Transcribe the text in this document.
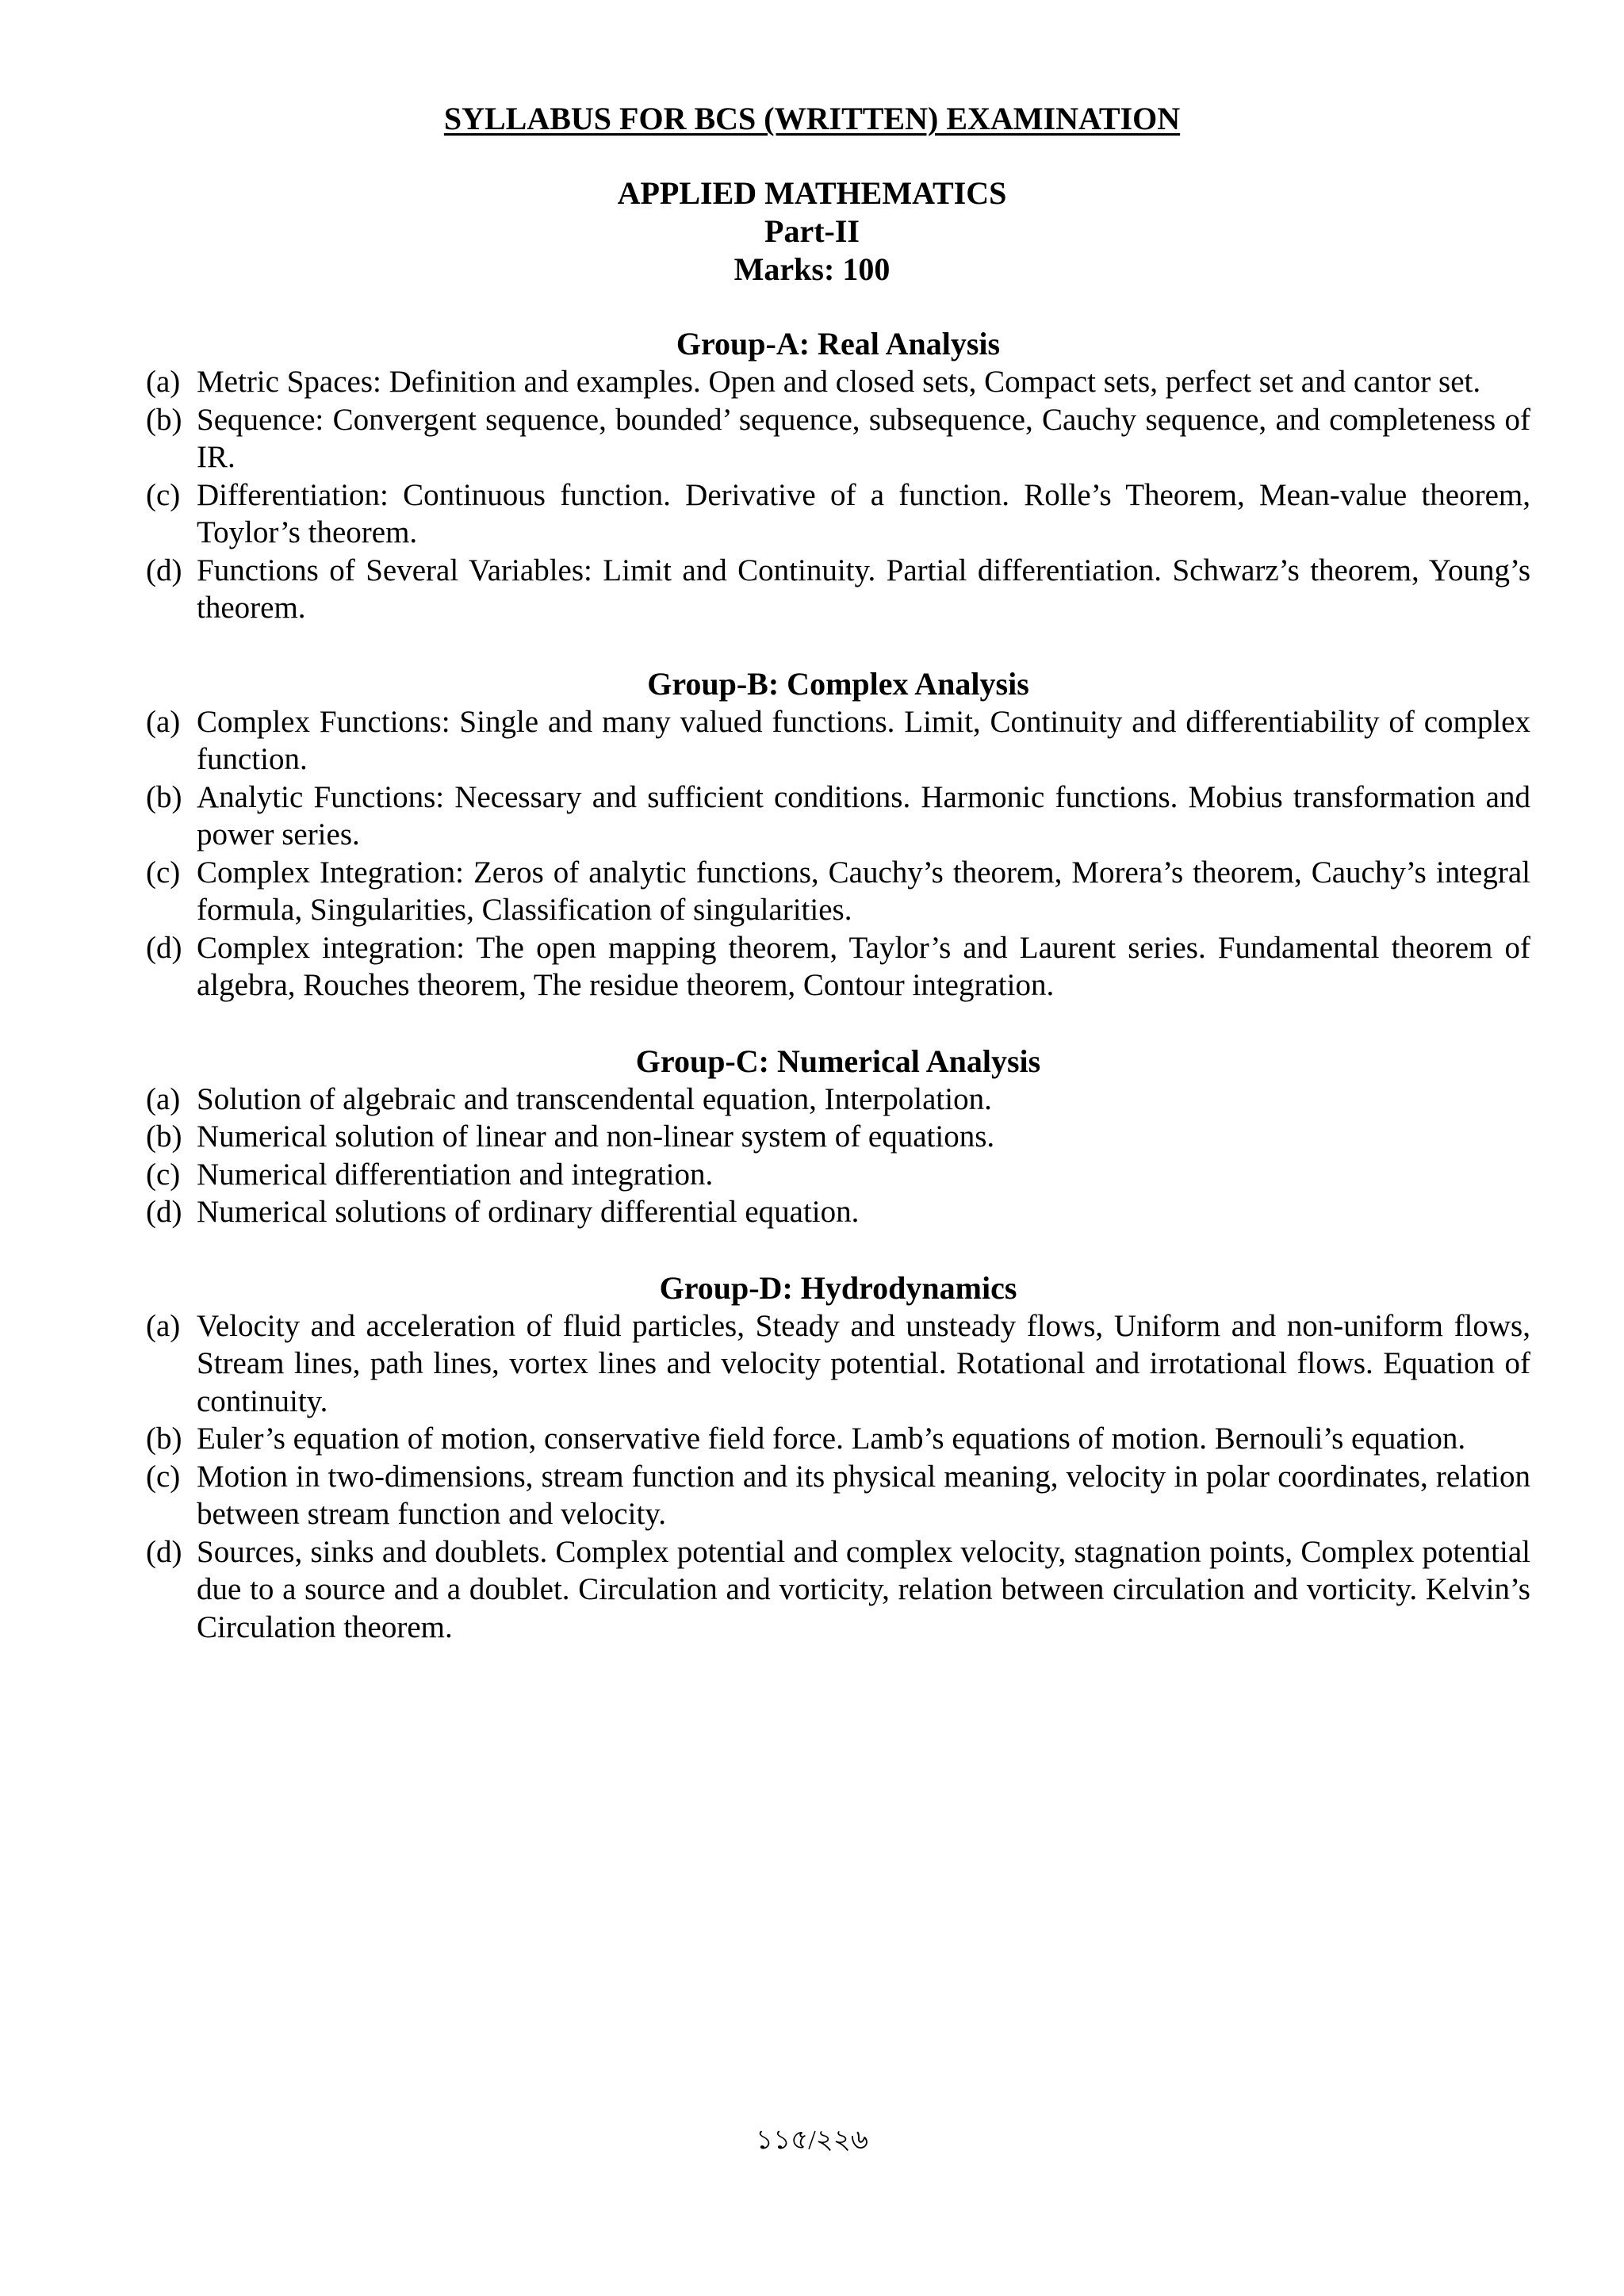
SYLLABUS FOR BCS (WRITTEN) EXAMINATION
APPLIED MATHEMATICS
Part-II
Marks: 100
Group-A: Real Analysis
(a) Metric Spaces: Definition and examples. Open and closed sets, Compact sets, perfect set and cantor set.
(b) Sequence: Convergent sequence, bounded’ sequence, subsequence, Cauchy sequence, and completeness of IR.
(c) Differentiation: Continuous function. Derivative of a function. Rolle’s Theorem, Mean-value theorem, Toylor’s theorem.
(d) Functions of Several Variables: Limit and Continuity. Partial differentiation. Schwarz’s theorem, Young’s theorem.
Group-B: Complex Analysis
(a) Complex Functions: Single and many valued functions. Limit, Continuity and differentiability of complex function.
(b) Analytic Functions: Necessary and sufficient conditions. Harmonic functions. Mobius transformation and power series.
(c) Complex Integration: Zeros of analytic functions, Cauchy’s theorem, Morera’s theorem, Cauchy’s integral formula, Singularities, Classification of singularities.
(d) Complex integration: The open mapping theorem, Taylor’s and Laurent series. Fundamental theorem of algebra, Rouches theorem, The residue theorem, Contour integration.
Group-C: Numerical Analysis
(a) Solution of algebraic and transcendental equation, Interpolation.
(b) Numerical solution of linear and non-linear system of equations.
(c) Numerical differentiation and integration.
(d) Numerical solutions of ordinary differential equation.
Group-D: Hydrodynamics
(a) Velocity and acceleration of fluid particles, Steady and unsteady flows, Uniform and non-uniform flows, Stream lines, path lines, vortex lines and velocity potential. Rotational and irrotational flows. Equation of continuity.
(b) Euler’s equation of motion, conservative field force. Lamb’s equations of motion. Bernouli’s equation.
(c) Motion in two-dimensions, stream function and its physical meaning, velocity in polar coordinates, relation between stream function and velocity.
(d) Sources, sinks and doublets. Complex potential and complex velocity, stagnation points, Complex potential due to a source and a doublet. Circulation and vorticity, relation between circulation and vorticity. Kelvin’s Circulation theorem.
১১৫/২২৬
